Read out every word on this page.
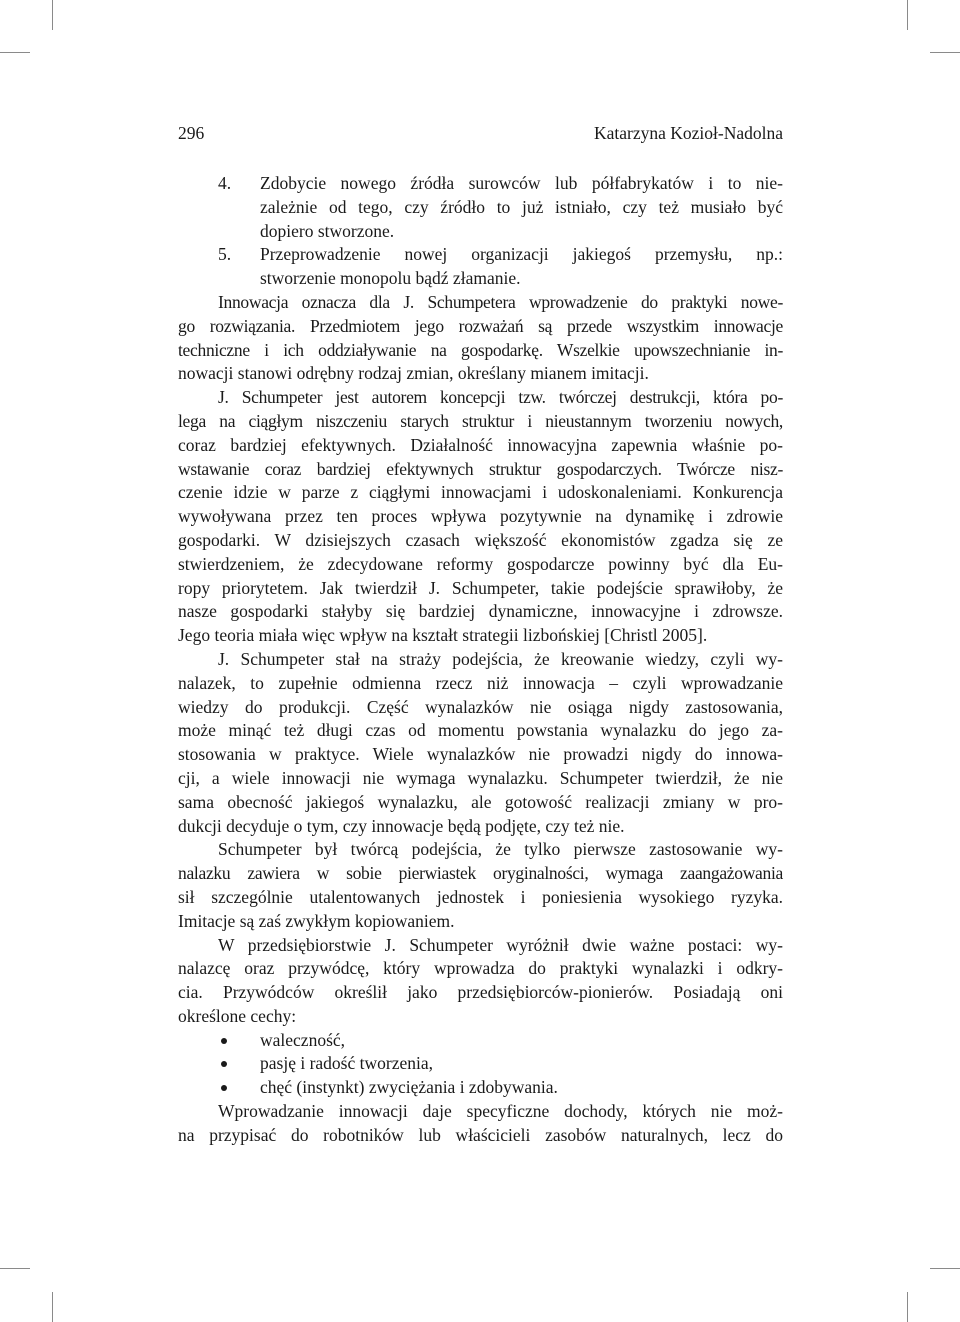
296	Katarzyna Kozioł-Nadolna
4. Zdobycie nowego źródła surowców lub półfabrykatów i to nie-
zależnie od tego, czy źródło to już istniało, czy też musiało być
dopiero stworzone.
5. Przeprowadzenie nowej organizacji jakiegoś przemysłu, np.:
stworzenie monopolu bądź złamanie.
Innowacja oznacza dla J. Schumpetera wprowadzenie do praktyki nowe-
go rozwiązania. Przedmiotem jego rozważań są przede wszystkim innowacje
techniczne i ich oddziaływanie na gospodarkę. Wszelkie upowszechnianie in-
nowacji stanowi odrębny rodzaj zmian, określany mianem imitacji.
J. Schumpeter jest autorem koncepcji tzw. twórczej destrukcji, która po-
lega na ciągłym niszczeniu starych struktur i nieustannym tworzeniu nowych,
coraz bardziej efektywnych. Działalność innowacyjna zapewnia właśnie po-
wstawanie coraz bardziej efektywnych struktur gospodarczych. Twórcze nisz-
czenie idzie w parze z ciągłymi innowacjami i udoskonaleniami. Konkurencja
wywoływana przez ten proces wpływa pozytywnie na dynamikę i zdrowie
gospodarki. W dzisiejszych czasach większość ekonomistów zgadza się ze
stwierdzeniem, że zdecydowane reformy gospodarcze powinny być dla Eu-
ropy priorytetem. Jak twierdził J. Schumpeter, takie podejście sprawiłoby, że
nasze gospodarki stałyby się bardziej dynamiczne, innowacyjne i zdrowsze.
Jego teoria miała więc wpływ na kształt strategii lizbońskiej [Christl 2005].
J. Schumpeter stał na straży podejścia, że kreowanie wiedzy, czyli wy-
nalazek, to zupełnie odmienna rzecz niż innowacja – czyli wprowadzanie
wiedzy do produkcji. Część wynalazków nie osiąga nigdy zastosowania,
może minąć też długi czas od momentu powstania wynalazku do jego za-
stosowania w praktyce. Wiele wynalazków nie prowadzi nigdy do innowa-
cji, a wiele innowacji nie wymaga wynalazku. Schumpeter twierdził, że nie
sama obecność jakiegoś wynalazku, ale gotowość realizacji zmiany w pro-
dukcji decyduje o tym, czy innowacje będą podjęte, czy też nie.
Schumpeter był twórcą podejścia, że tylko pierwsze zastosowanie wy-
nalazku zawiera w sobie pierwiastek oryginalności, wymaga zaangażowania
sił szczególnie utalentowanych jednostek i poniesienia wysokiego ryzyka.
Imitacje są zaś zwykłym kopiowaniem.
W przedsiębiorstwie J. Schumpeter wyróżnił dwie ważne postaci: wy-
nalazcę oraz przywódcę, który wprowadza do praktyki wynalazki i odkry-
cia. Przywódców określił jako przedsiębiorców-pionierów. Posiadają oni
określone cechy:
waleczność,
pasję i radość tworzenia,
chęć (instynkt) zwyciężania i zdobywania.
Wprowadzanie innowacji daje specyficzne dochody, których nie moż-
na przypisać do robotników lub właścicieli zasobów naturalnych, lecz do
